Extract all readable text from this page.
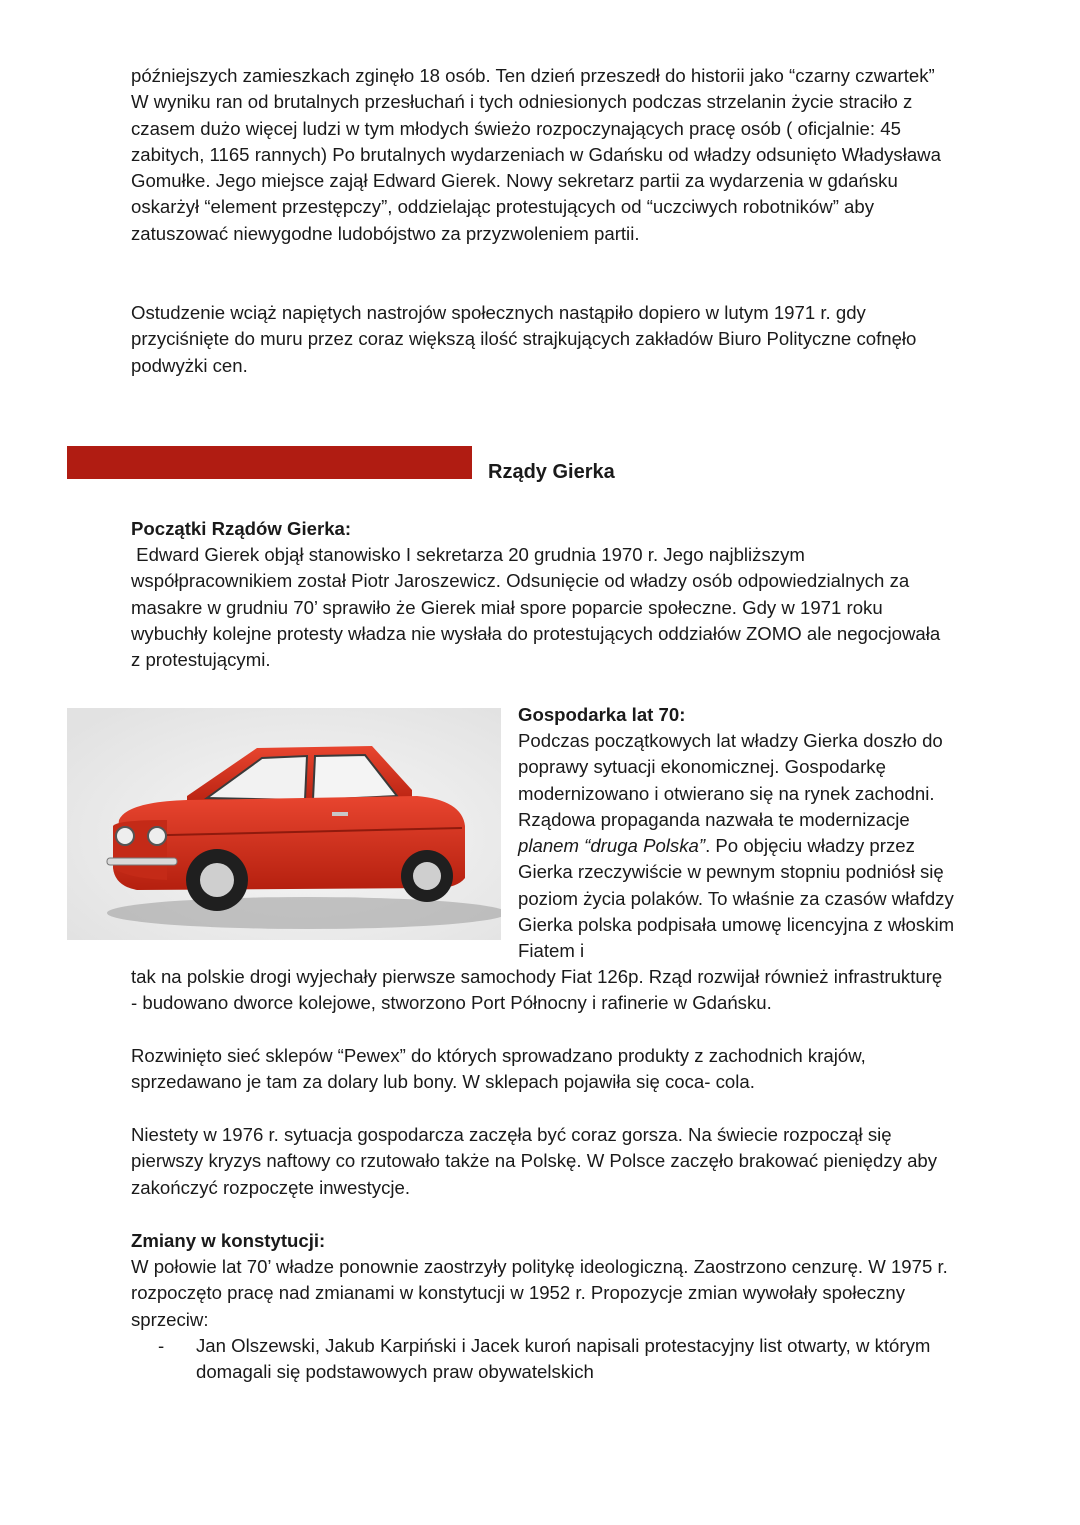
późniejszych zamieszkach zginęło 18 osób. Ten dzień przeszedł do historii jako “czarny czwartek” W wyniku ran od brutalnych przesłuchań i tych odniesionych podczas strzelanin życie straciło z czasem dużo więcej ludzi w tym młodych świeżo rozpoczynających pracę osób ( oficjalnie: 45 zabitych, 1165 rannych) Po brutalnych wydarzeniach w Gdańsku od władzy odsunięto Władysława Gomułke. Jego miejsce zajął Edward Gierek. Nowy sekretarz partii za wydarzenia w gdańsku oskarżył “element przestępczy”, oddzielając protestujących od “uczciwych robotników” aby zatuszować niewygodne ludobójstwo za przyzwoleniem partii.

Ostudzenie wciąż napiętych nastrojów społecznych nastąpiło dopiero w lutym 1971 r. gdy przyciśnięte do muru przez coraz większą ilość strajkujących zakładów Biuro Polityczne cofnęło podwyżki cen.

Rządy Gierka

Początki Rządów Gierka:

Edward Gierek objął stanowisko I sekretarza 20 grudnia 1970 r. Jego najbliższym współpracownikiem został Piotr Jaroszewicz. Odsunięcie od władzy osób odpowiedzialnych za masakre w grudniu 70’ sprawiło że Gierek miał spore poparcie społeczne. Gdy w 1971 roku wybuchły kolejne protesty władza nie wysłała do protestujących oddziałów ZOMO ale negocjowała z protestującymi.

Gospodarka lat 70:

Podczas początkowych lat władzy Gierka doszło do poprawy sytuacji ekonomicznej. Gospodarkę modernizowano i otwierano się na rynek zachodni. Rządowa propaganda nazwała te modernizacje planem “druga Polska”. Po objęciu władzy przez Gierka rzeczywiście w pewnym stopniu podniósł się poziom życia polaków. To właśnie za czasów włafdzy Gierka polska podpisała umowę licencyjna z włoskim Fiatem i

tak na polskie drogi wyjechały pierwsze samochody Fiat 126p. Rząd rozwijał również infrastrukturę - budowano dworce kolejowe, stworzono Port Północny i rafinerie w Gdańsku.

Rozwinięto sieć sklepów “Pewex” do których sprowadzano produkty z zachodnich krajów, sprzedawano je tam za dolary lub bony. W sklepach pojawiła się coca- cola.

Niestety w 1976 r. sytuacja gospodarcza zaczęła być coraz gorsza. Na świecie rozpoczął się pierwszy kryzys naftowy co rzutowało także na Polskę. W Polsce zaczęło brakować pieniędzy aby zakończyć rozpoczęte inwestycje.

Zmiany w konstytucji:

W połowie lat 70’ władze ponownie zaostrzyły politykę ideologiczną. Zaostrzono cenzurę. W 1975 r. rozpoczęto pracę nad zmianami w konstytucji w 1952 r. Propozycje zmian wywołały społeczny sprzeciw:

- Jan Olszewski, Jakub Karpiński i Jacek kuroń napisali protestacyjny list otwarty, w którym domagali się podstawowych praw obywatelskich
